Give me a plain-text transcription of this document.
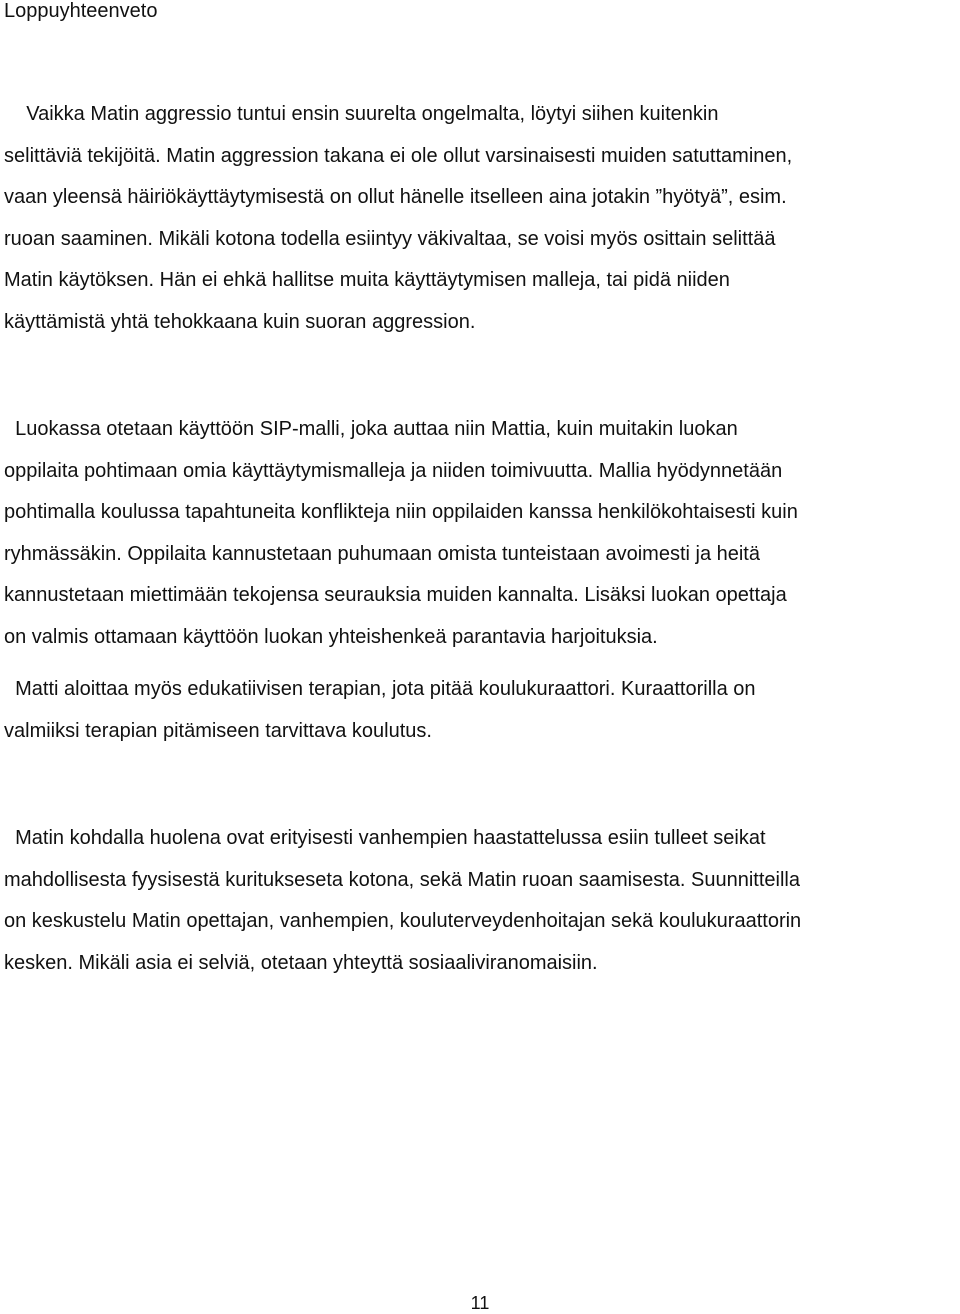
Loppuyhteenveto

Vaikka Matin aggressio tuntui ensin suurelta ongelmalta, löytyi siihen kuitenkin
selittäviä tekijöitä. Matin aggression takana ei ole ollut varsinaisesti muiden satuttaminen,
vaan yleensä häiriökäyttäytymisestä on ollut hänelle itselleen aina jotakin ”hyötyä”, esim.
ruoan saaminen. Mikäli kotona todella esiintyy väkivaltaa, se voisi myös osittain selittää
Matin käytöksen. Hän ei ehkä hallitse muita käyttäytymisen malleja, tai pidä niiden
käyttämistä yhtä tehokkaana kuin suoran aggression.

Luokassa otetaan käyttöön SIP-malli, joka auttaa niin Mattia, kuin muitakin luokan
oppilaita pohtimaan omia käyttäytymismalleja ja niiden toimivuutta. Mallia hyödynnetään
pohtimalla koulussa tapahtuneita konflikteja niin oppilaiden kanssa henkilökohtaisesti kuin
ryhmässäkin. Oppilaita kannustetaan puhumaan omista tunteistaan avoimesti ja heitä
kannustetaan miettimään tekojensa seurauksia muiden kannalta. Lisäksi luokan opettaja
on valmis ottamaan käyttöön luokan yhteishenkeä parantavia harjoituksia.

Matti aloittaa myös edukatiivisen terapian, jota pitää koulukuraattori. Kuraattorilla on
valmiiksi terapian pitämiseen tarvittava koulutus.

Matin kohdalla huolena ovat erityisesti vanhempien haastattelussa esiin tulleet seikat
mahdollisesta fyysisestä kuritukseseta kotona, sekä Matin ruoan saamisesta. Suunnitteilla
on keskustelu Matin opettajan, vanhempien, kouluterveydenhoitajan sekä koulukuraattorin
kesken. Mikäli asia ei selviä, otetaan yhteyttä sosiaaliviranomaisiin.

11
